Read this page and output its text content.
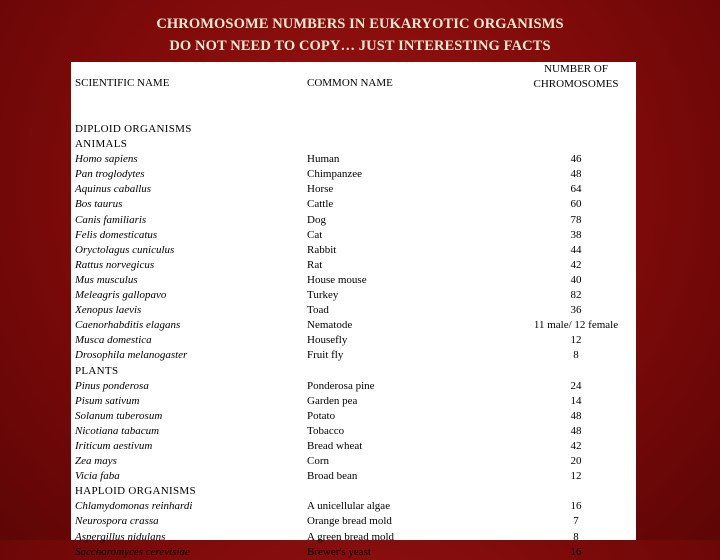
CHROMOSOME NUMBERS IN EUKARYOTIC ORGANISMS
DO NOT NEED TO COPY… JUST INTERESTING FACTS
SCIENTIFIC NAME	COMMON NAME
NUMBER OF
CHROMOSOMES
DIPLOID ORGANISMS
ANIMALS
Homo sapiens	Human	46
Pan troglodytes	Chimpanzee	48
Aquinus caballus	Horse	64
Bos taurus	Cattle	60
Canis familiaris	Dog	78
Felis domesticatus	Cat	38
Oryctolagus cuniculus	Rabbit	44
Rattus norvegicus	Rat	42
Mus musculus	House mouse	40
Meleagris gallopavo	Turkey	82
Xenopus laevis	Toad	36
Caenorhabditis elagans	Nematode	11 male/ 12 female
Musca domestica	Housefly	12
Drosophila melanogaster	Fruit fly	8
PLANTS
Pinus ponderosa	Ponderosa pine	24
Pisum sativum	Garden pea	14
Solanum tuberosum	Potato	48
Nicotiana tabacum	Tobacco	48
Iriticum aestivum	Bread wheat	42
Zea mays	Corn	20
Vicia faba	Broad bean	12
HAPLOID ORGANISMS
Chlamydomonas reinhardi	A unicellular algae	16
Neurospora crassa	Orange bread mold	7
Aspergillus nidulans	A green bread mold	8
Saccharomyces cerevisiae	Brewer's yeast	16
